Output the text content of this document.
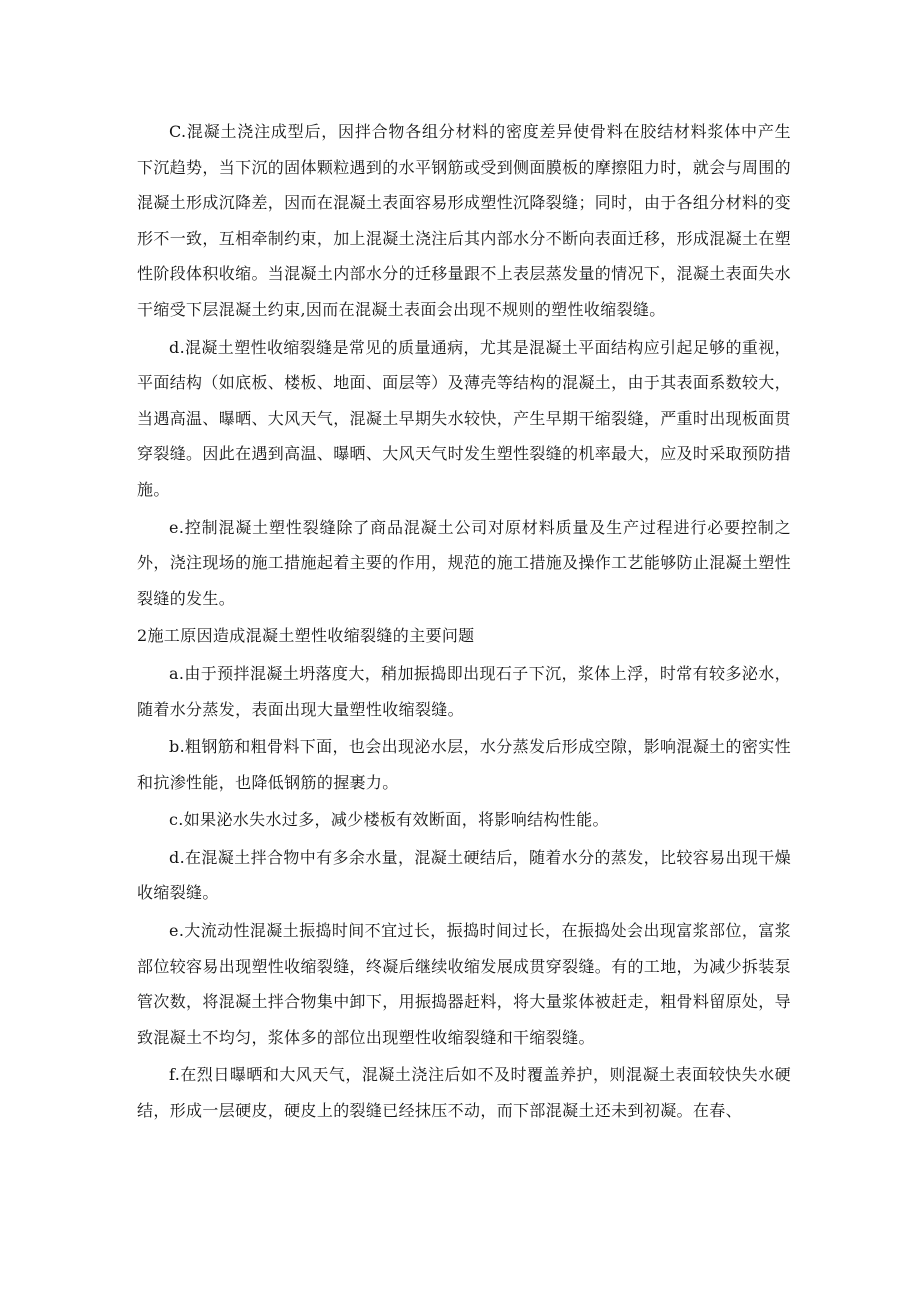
C.混凝土浇注成型后，因拌合物各组分材料的密度差异使骨料在胶结材料浆体中产生下沉趋势，当下沉的固体颗粒遇到的水平钢筋或受到侧面膜板的摩擦阻力时，就会与周围的混凝土形成沉降差，因而在混凝土表面容易形成塑性沉降裂缝；同时，由于各组分材料的变形不一致，互相牵制约束，加上混凝土浇注后其内部水分不断向表面迁移，形成混凝土在塑性阶段体积收缩。当混凝土内部水分的迁移量跟不上表层蒸发量的情况下，混凝土表面失水干缩受下层混凝土约束,因而在混凝土表面会出现不规则的塑性收缩裂缝。

d.混凝土塑性收缩裂缝是常见的质量通病，尤其是混凝土平面结构应引起足够的重视，平面结构（如底板、楼板、地面、面层等）及薄壳等结构的混凝土，由于其表面系数较大，当遇高温、曝晒、大风天气，混凝土早期失水较快，产生早期干缩裂缝，严重时出现板面贯穿裂缝。因此在遇到高温、曝晒、大风天气时发生塑性裂缝的机率最大，应及时采取预防措施。

e.控制混凝土塑性裂缝除了商品混凝土公司对原材料质量及生产过程进行必要控制之外，浇注现场的施工措施起着主要的作用，规范的施工措施及操作工艺能够防止混凝土塑性裂缝的发生。

2施工原因造成混凝土塑性收缩裂缝的主要问题

a.由于预拌混凝土坍落度大，稍加振捣即出现石子下沉，浆体上浮，时常有较多泌水，随着水分蒸发，表面出现大量塑性收缩裂缝。

b.粗钢筋和粗骨料下面，也会出现泌水层，水分蒸发后形成空隙，影响混凝土的密实性和抗渗性能，也降低钢筋的握裹力。

c.如果泌水失水过多，减少楼板有效断面，将影响结构性能。

d.在混凝土拌合物中有多余水量，混凝土硬结后，随着水分的蒸发，比较容易出现干燥收缩裂缝。

e.大流动性混凝土振捣时间不宜过长，振捣时间过长，在振捣处会出现富浆部位，富浆部位较容易出现塑性收缩裂缝，终凝后继续收缩发展成贯穿裂缝。有的工地，为减少拆装泵管次数，将混凝土拌合物集中卸下，用振捣器赶料，将大量浆体被赶走，粗骨料留原处，导致混凝土不均匀，浆体多的部位出现塑性收缩裂缝和干缩裂缝。

f.在烈日曝晒和大风天气，混凝土浇注后如不及时覆盖养护，则混凝土表面较快失水硬结，形成一层硬皮，硬皮上的裂缝已经抹压不动，而下部混凝土还未到初凝。在春、
